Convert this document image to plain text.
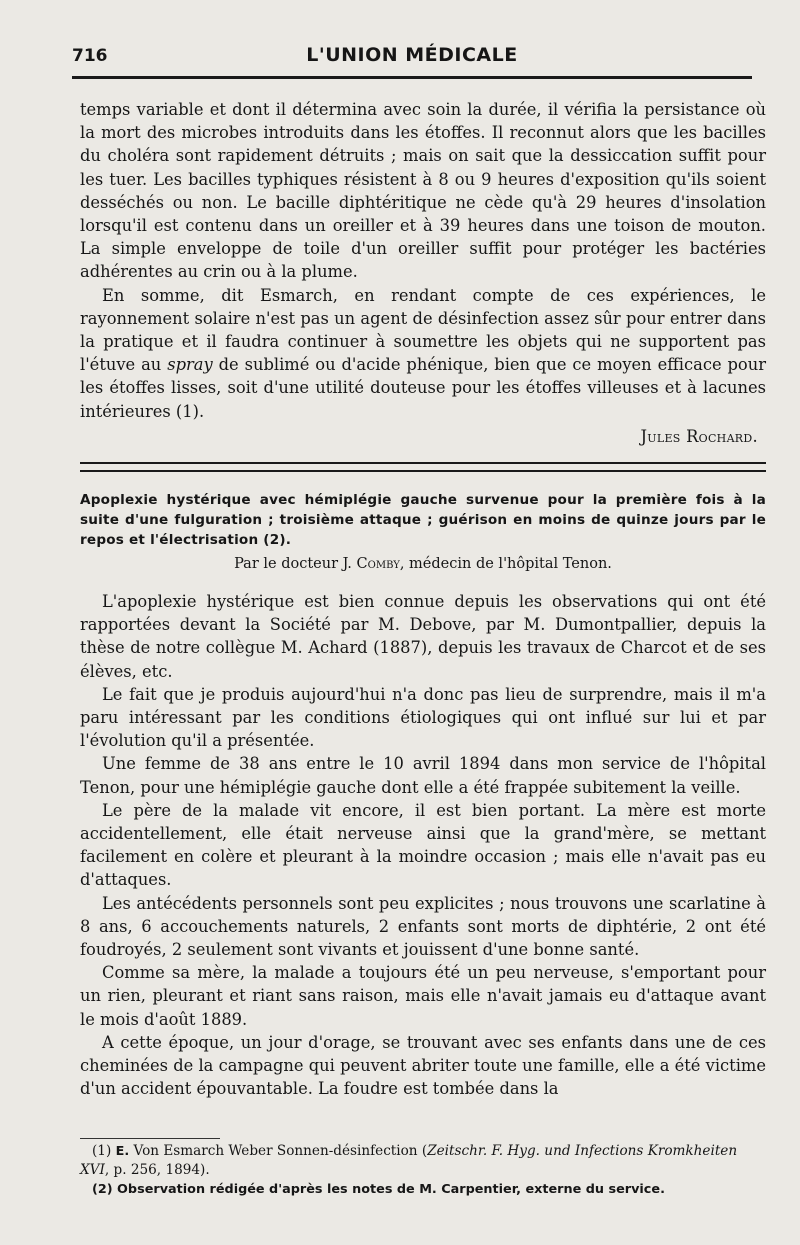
716	L'UNION MÉDICALE

temps variable et dont il détermina avec soin la durée, il vérifia la persistance où la mort des microbes introduits dans les étoffes. Il reconnut alors que les bacilles du choléra sont rapidement détruits ; mais on sait que la dessiccation suffit pour les tuer. Les bacilles typhiques résistent à 8 ou 9 heures d'exposition qu'ils soient desséchés ou non. Le bacille diphtéritique ne cède qu'à 29 heures d'insolation lorsqu'il est contenu dans un oreiller et à 39 heures dans une toison de mouton. La simple enveloppe de toile d'un oreiller suffit pour protéger les bactéries adhérentes au crin ou à la plume.

En somme, dit Esmarch, en rendant compte de ces expériences, le rayonnement solaire n'est pas un agent de désinfection assez sûr pour entrer dans la pratique et il faudra continuer à soumettre les objets qui ne supportent pas l'étuve au spray de sublimé ou d'acide phénique, bien que ce moyen efficace pour les étoffes lisses, soit d'une utilité douteuse pour les étoffes villeuses et à lacunes intérieures (1).

Jules Rochard.
Apoplexie hystérique avec hémiplégie gauche survenue pour la première fois à la suite d'une fulguration ; troisième attaque ; guérison en moins de quinze jours par le repos et l'électrisation (2).
Par le docteur J. Comby, médecin de l'hôpital Tenon.

L'apoplexie hystérique est bien connue depuis les observations qui ont été rapportées devant la Société par M. Debove, par M. Dumontpallier, depuis la thèse de notre collègue M. Achard (1887), depuis les travaux de Charcot et de ses élèves, etc.

Le fait que je produis aujourd'hui n'a donc pas lieu de surprendre, mais il m'a paru intéressant par les conditions étiologiques qui ont influé sur lui et par l'évolution qu'il a présentée.

Une femme de 38 ans entre le 10 avril 1894 dans mon service de l'hôpital Tenon, pour une hémiplégie gauche dont elle a été frappée subitement la veille.

Le père de la malade vit encore, il est bien portant. La mère est morte accidentellement, elle était nerveuse ainsi que la grand'mère, se mettant facilement en colère et pleurant à la moindre occasion ; mais elle n'avait pas eu d'attaques.

Les antécédents personnels sont peu explicites ; nous trouvons une scarlatine à 8 ans, 6 accouchements naturels, 2 enfants sont morts de diphtérie, 2 ont été foudroyés, 2 seulement sont vivants et jouissent d'une bonne santé.

Comme sa mère, la malade a toujours été un peu nerveuse, s'emportant pour un rien, pleurant et riant sans raison, mais elle n'avait jamais eu d'attaque avant le mois d'août 1889.

A cette époque, un jour d'orage, se trouvant avec ses enfants dans une de ces cheminées de la campagne qui peuvent abriter toute une famille, elle a été victime d'un accident épouvantable. La foudre est tombée dans la

(1) E. Von Esmarch Weber Sonnen-désinfection (Zeitschr. F. Hyg. und Infections Kromkheiten XVI, p. 256, 1894).

(2) Observation rédigée d'après les notes de M. Carpentier, externe du service.
